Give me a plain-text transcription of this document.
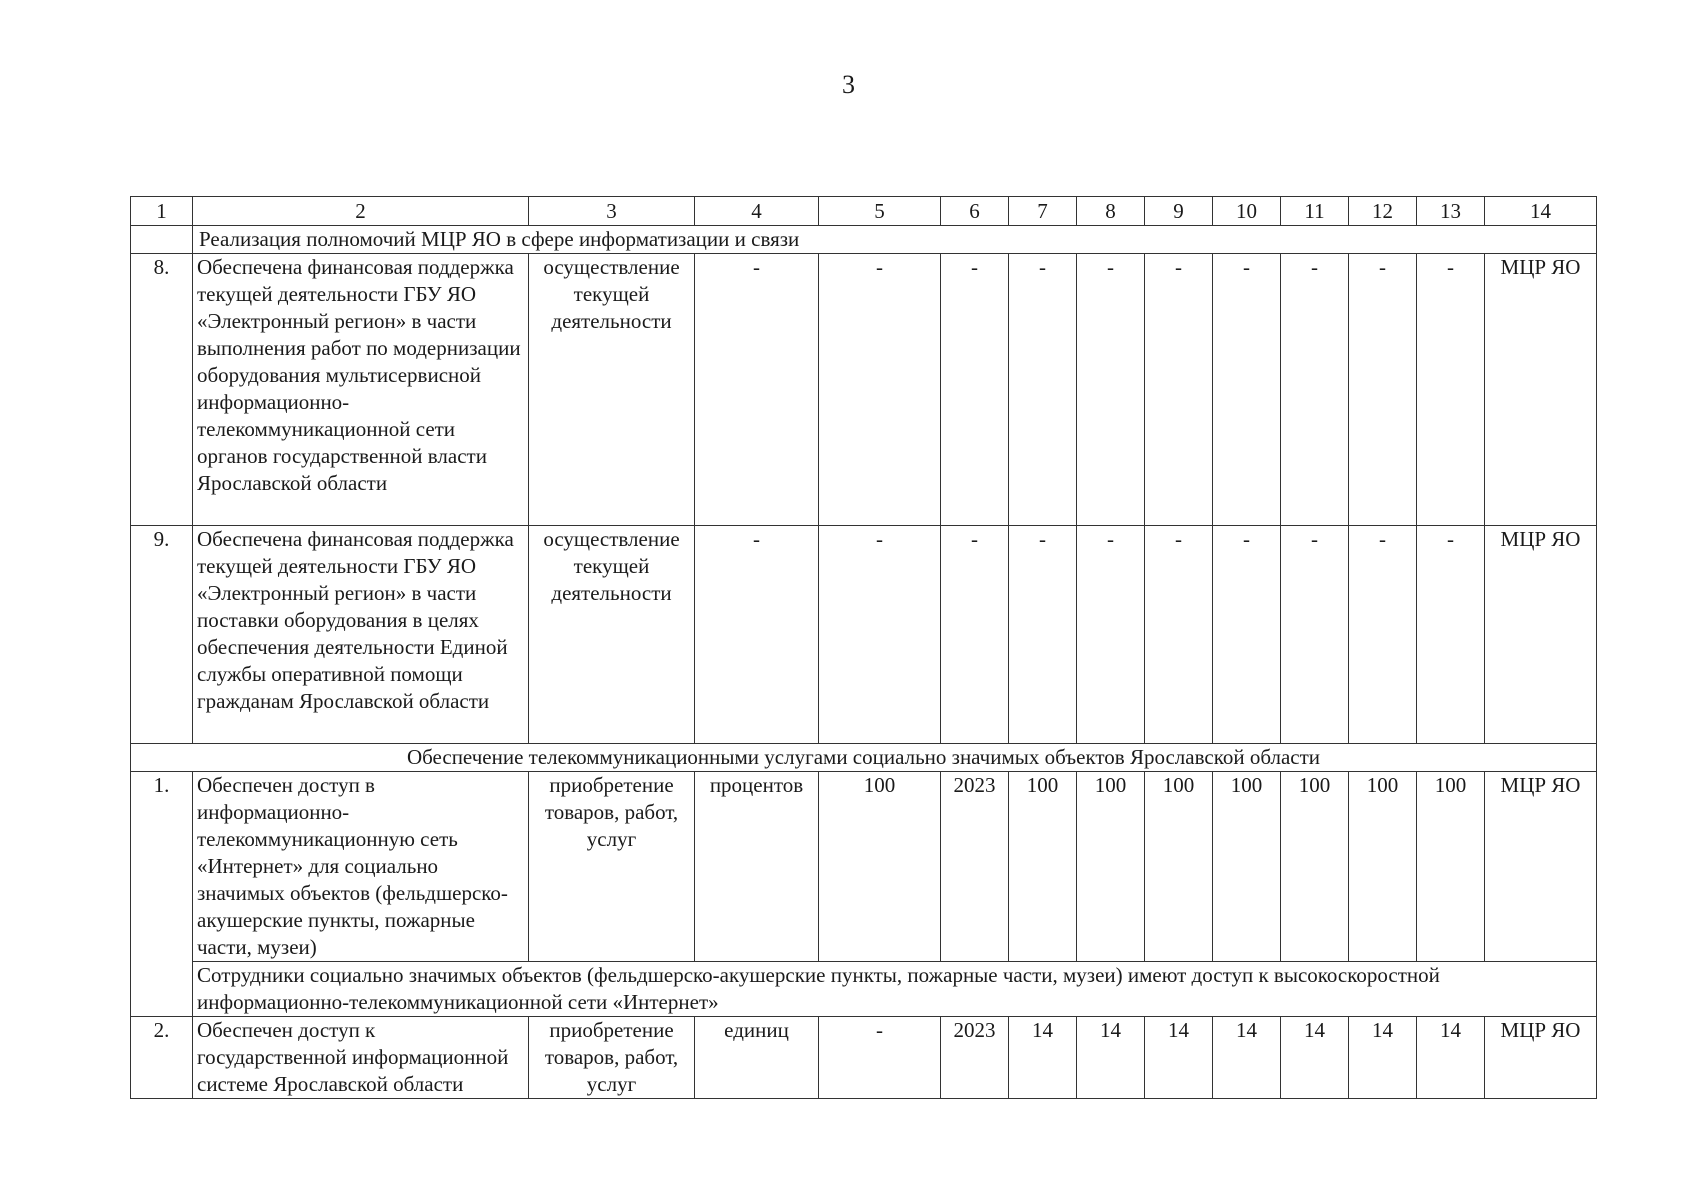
3
1	2	3	4	5	6	7	8	9	10	11	12	13	14
	Реализация полномочий МЦР ЯО в сфере информатизации и связи												
8.	Обеспечена финансовая поддержка текущей деятельности ГБУ ЯО «Электронный регион» в части выполнения работ по модернизации оборудования мультисервисной информационно-телекоммуникационной сети органов государственной власти Ярославской области	осуществление текущей деятельности	-	-	-	-	-	-	-	-	-	-	МЦР ЯО
9.	Обеспечена финансовая поддержка текущей деятельности ГБУ ЯО «Электронный регион» в части поставки оборудования в целях обеспечения деятельности Единой службы оперативной помощи гражданам Ярославской области	осуществление текущей деятельности	-	-	-	-	-	-	-	-	-	-	МЦР ЯО
Обеспечение телекоммуникационными услугами социально значимых объектов Ярославской области													
1.	Обеспечен доступ в информационно-телекоммуникационную сеть «Интернет» для социально значимых объектов (фельдшерско-акушерские пункты, пожарные части, музеи)	приобретение товаров, работ, услуг	процентов	100	2023	100	100	100	100	100	100	100	МЦР ЯО
	Сотрудники социально значимых объектов (фельдшерско-акушерские пункты, пожарные части, музеи) имеют доступ к высокоскоростной информационно-телекоммуникационной сети «Интернет»												
2.	Обеспечен доступ к государственной информационной системе Ярославской области	приобретение товаров, работ, услуг	единиц	-	2023	14	14	14	14	14	14	14	МЦР ЯО
